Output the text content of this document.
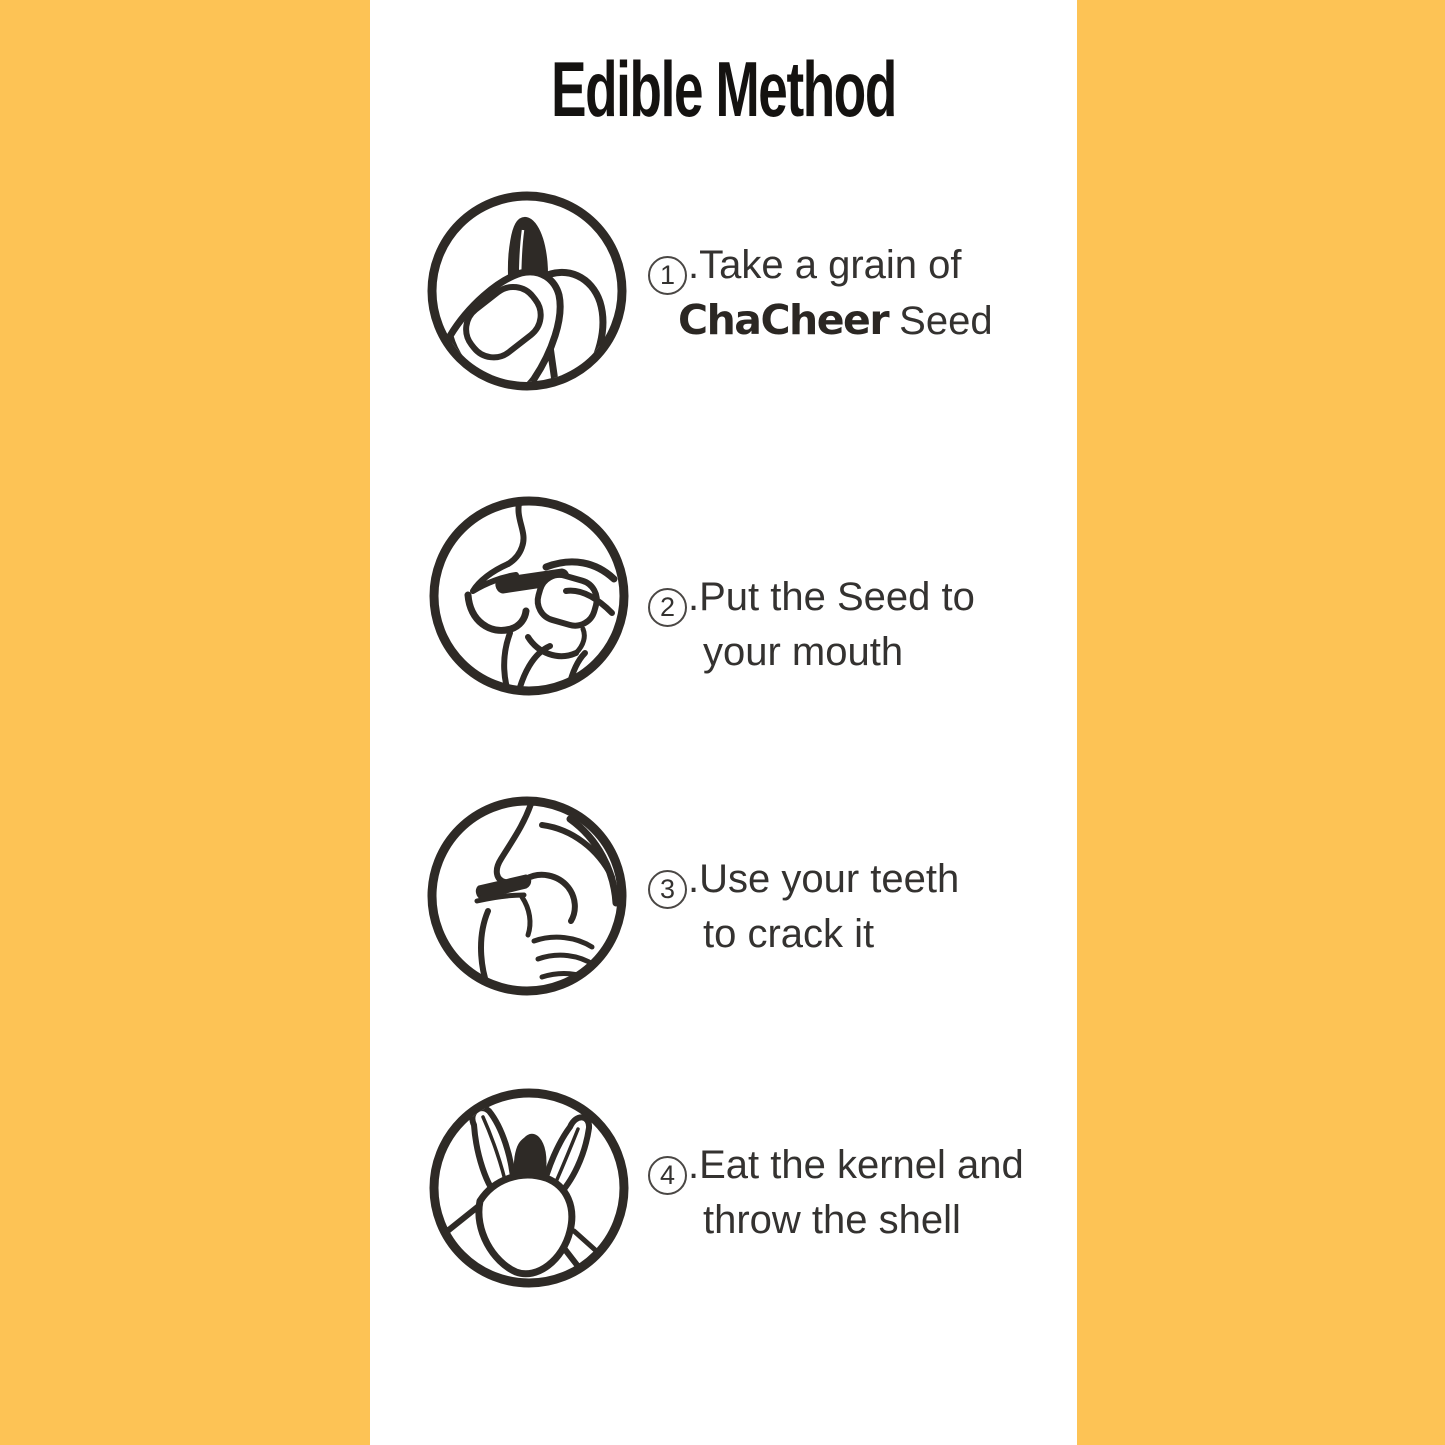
Edible Method
1 .Take a grain of
ChaCheer Seed
2 .Put the Seed to
your mouth
3 .Use your teeth
to crack it
4 .Eat the kernel and
throw the shell
